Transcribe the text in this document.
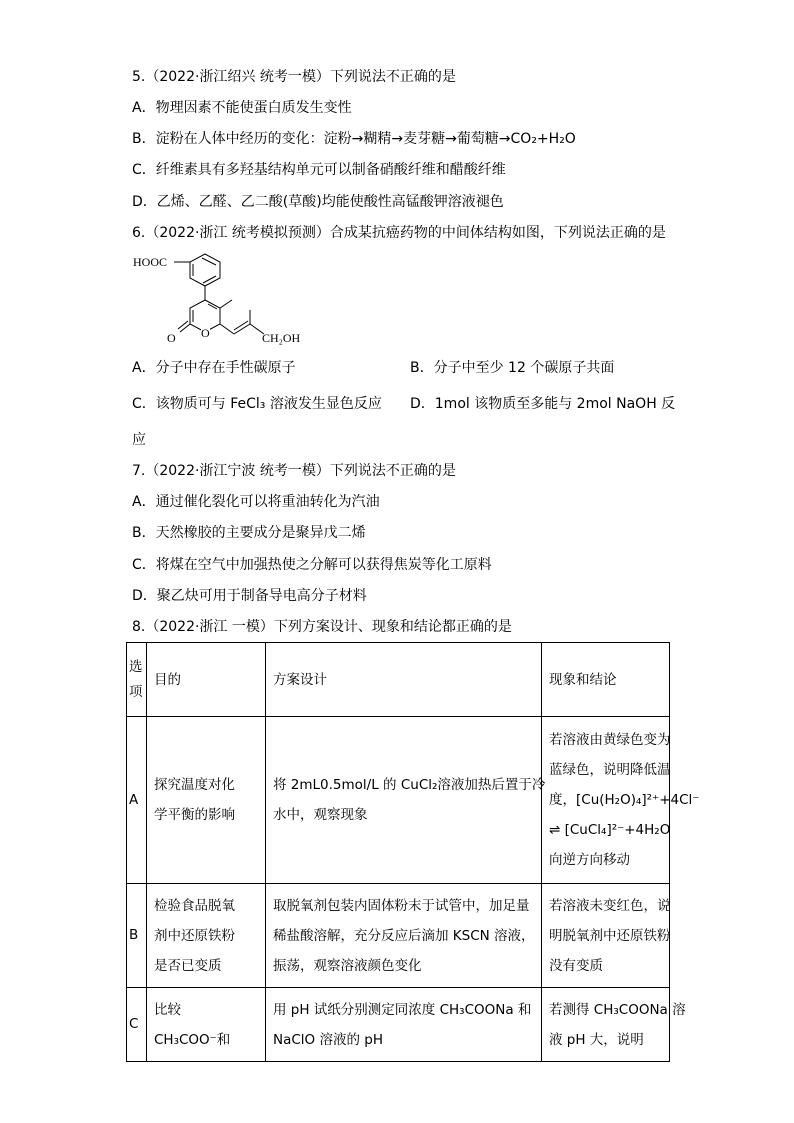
5.（2022·浙江绍兴 统考一模）下列说法不正确的是
A．物理因素不能使蛋白质发生变性
B．淀粉在人体中经历的变化：淀粉→糊精→麦芽糖→葡萄糖→CO₂+H₂O
C．纤维素具有多羟基结构单元可以制备硝酸纤维和醋酸纤维
D．乙烯、乙醛、乙二酸(草酸)均能使酸性高锰酸钾溶液褪色
6.（2022·浙江 统考模拟预测）合成某抗癌药物的中间体结构如图，下列说法正确的是
HOOC
O
O	CH₂OH
A．分子中存在手性碳原子	B．分子中至少 12 个碳原子共面
C．该物质可与 FeCl₃ 溶液发生显色反应 D．1mol 该物质至多能与 2mol NaOH 反
应
7.（2022·浙江宁波 统考一模）下列说法不正确的是
A．通过催化裂化可以将重油转化为汽油
B．天然橡胶的主要成分是聚异戊二烯
C．将煤在空气中加强热使之分解可以获得焦炭等化工原料
D．聚乙炔可用于制备导电高分子材料
8.（2022·浙江 一模）下列方案设计、现象和结论都正确的是
选
项	目的	方案设计	现象和结论
A	探究温度对化
学平衡的影响	将 2mL0.5mol/L 的 CuCl₂溶液加热后置于冷
水中，观察现象	若溶液由黄绿色变为
蓝绿色，说明降低温
度，[Cu(H₂O)₄]²⁺+4Cl⁻
⇌ [CuCl₄]²⁻+4H₂O
向逆方向移动

B	检验食品脱氧
剂中还原铁粉
是否已变质	取脱氧剂包装内固体粉末于试管中，加足量
稀盐酸溶解，充分反应后滴加 KSCN 溶液，
振荡，观察溶液颜色变化	若溶液未变红色，说
明脱氧剂中还原铁粉
没有变质

C	比较
CH₃COO⁻和	用 pH 试纸分别测定同浓度 CH₃COONa 和
NaClO 溶液的 pH	若测得 CH₃COONa 溶
液 pH 大，说明
